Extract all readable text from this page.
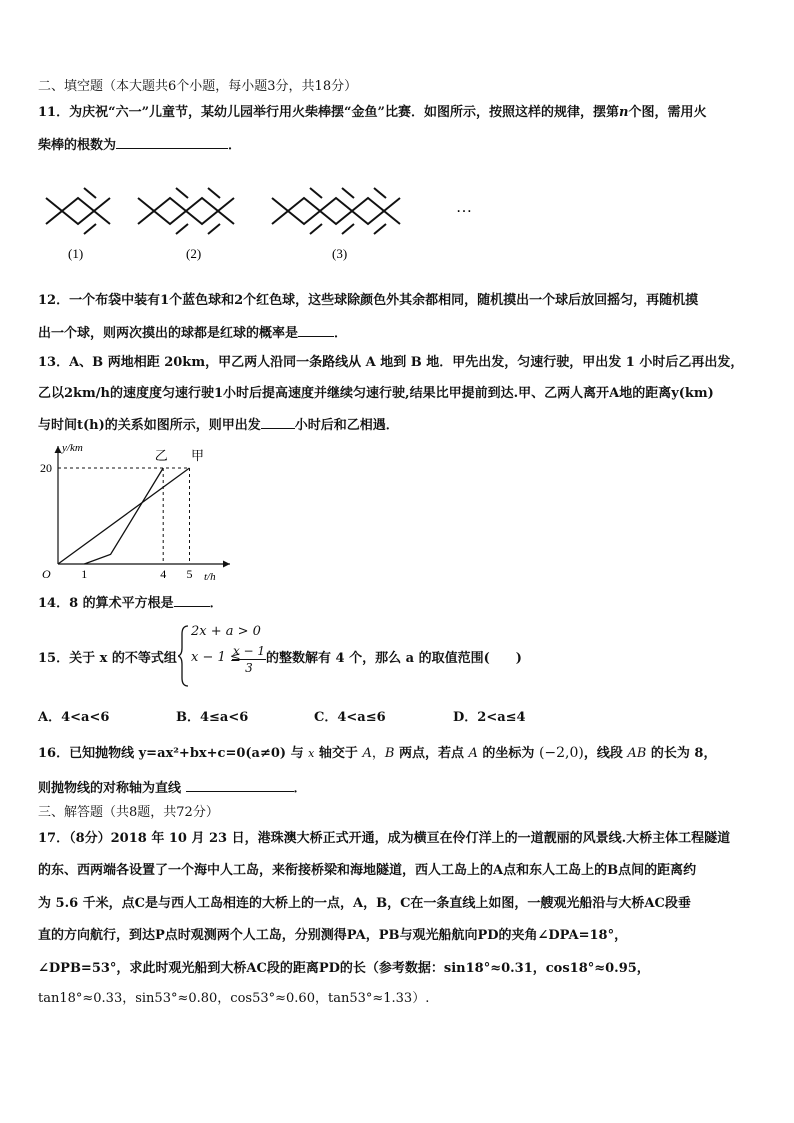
二、填空题（本大题共6个小题，每小题3分，共18分）
11．为庆祝“六一”儿童节，某幼儿园举行用火柴棒摆“金鱼”比赛．如图所示，按照这样的规律，摆第n个图，需用火
柴棒的根数为	．
(1)	(2)	(3)
…
12．一个布袋中装有1个蓝色球和2个红色球，这些球除颜色外其余都相同，随机摸出一个球后放回摇匀，再随机摸
出一个球，则两次摸出的球都是红球的概率是	．
13．A、B 两地相距 20km，甲乙两人沿同一条路线从 A 地到 B 地．甲先出发，匀速行驶，甲出发 1 小时后乙再出发，
乙以2km/h的速度度匀速行驶1小时后提高速度并继续匀速行驶,结果比甲提前到达.甲、乙两人离开A地的距离y(km)
与时间t(h)的关系如图所示，则甲出发	小时后和乙相遇．
y/km
t/h
O
20
1	4 5
乙 甲
14．8 的算术平方根是	．
15．关于 x 的不等式组
2x + a > 0
x − 1 ≤
$\frac{x - 1}{3}$ 的整数解有 4 个，那么 a 的取值范围(　　)
A．4<a<6	B．4≤a<6	C．4<a≤6	D．2<a≤4
16．已知抛物线 y=ax²+bx+c=0(a≠0) 与 x 轴交于 A，B 两点，若点 A 的坐标为 (−2,0)，线段 AB 的长为 8，
则抛物线的对称轴为直线	．
三、解答题（共8题，共72分）
17．（8分）2018 年 10 月 23 日，港珠澳大桥正式开通，成为横亘在伶仃洋上的一道靓丽的风景线.大桥主体工程隧道
的东、西两端各设置了一个海中人工岛，来衔接桥梁和海地隧道，西人工岛上的A点和东人工岛上的B点间的距离约
为 5.6 千米，点C是与西人工岛相连的大桥上的一点，A，B，C在一条直线上如图，一艘观光船沿与大桥AC段垂
直的方向航行，到达P点时观测两个人工岛，分别测得PA，PB与观光船航向PD的夹角∠DPA=18°，
∠DPB=53°，求此时观光船到大桥AC段的距离PD的长（参考数据：sin18°≈0.31，cos18°≈0.95，
tan18°≈0.33，sin53°≈0.80，cos53°≈0.60，tan53°≈1.33）.
